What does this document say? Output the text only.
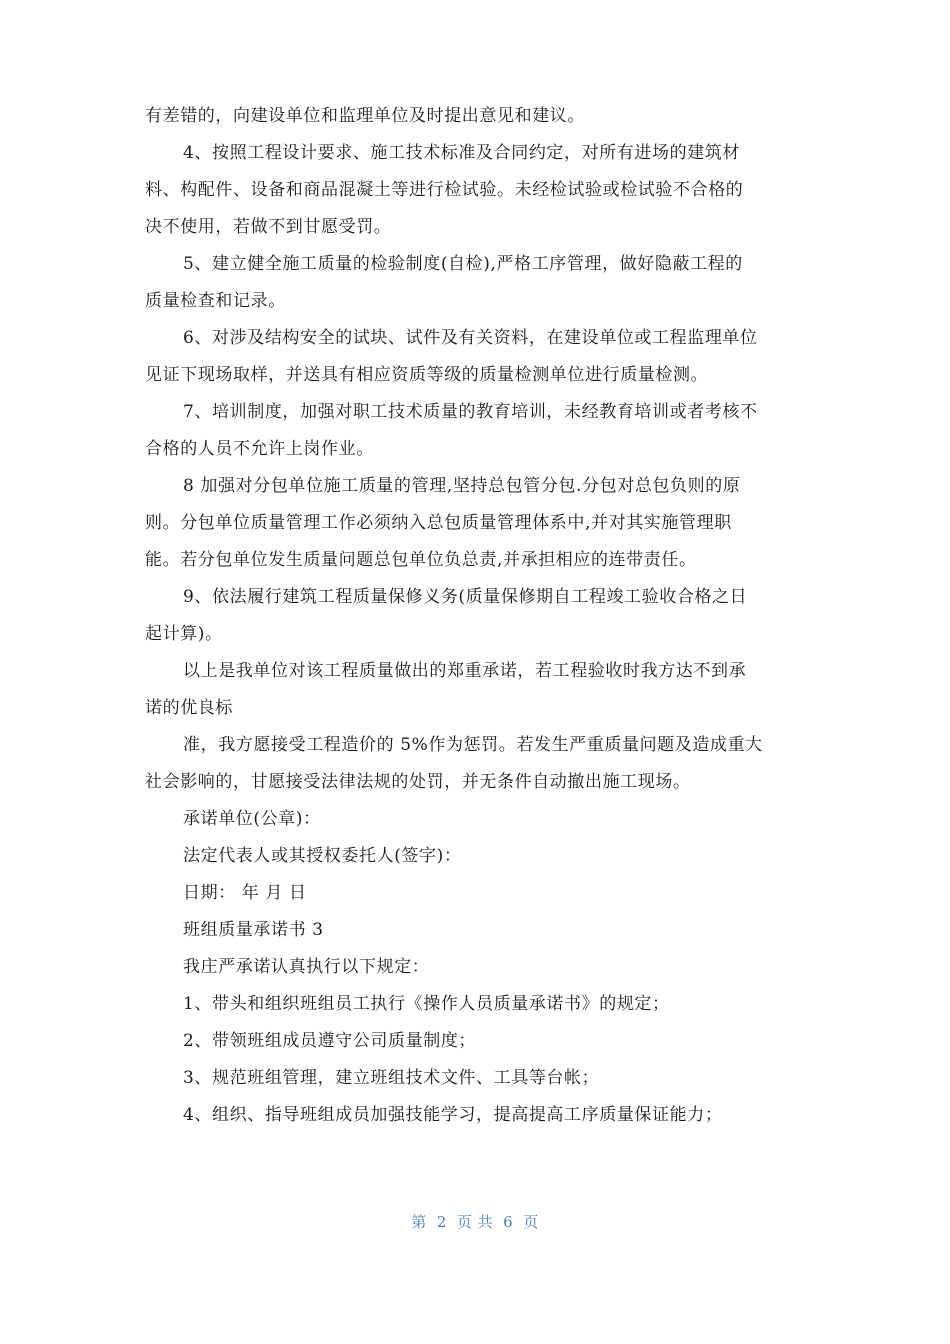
有差错的，向建设单位和监理单位及时提出意见和建议。
4、按照工程设计要求、施工技术标准及合同约定，对所有进场的建筑材
料、构配件、设备和商品混凝土等进行检试验。未经检试验或检试验不合格的
决不使用，若做不到甘愿受罚。
5、建立健全施工质量的检验制度(自检),严格工序管理，做好隐蔽工程的
质量检查和记录。
6、对涉及结构安全的试块、试件及有关资料，在建设单位或工程监理单位
见证下现场取样，并送具有相应资质等级的质量检测单位进行质量检测。
7、培训制度，加强对职工技术质量的教育培训，未经教育培训或者考核不
合格的人员不允许上岗作业。
8 加强对分包单位施工质量的管理,坚持总包管分包.分包对总包负则的原
则。分包单位质量管理工作必须纳入总包质量管理体系中,并对其实施管理职
能。若分包单位发生质量问题总包单位负总责,并承担相应的连带责任。
9、依法履行建筑工程质量保修义务(质量保修期自工程竣工验收合格之日
起计算)。
以上是我单位对该工程质量做出的郑重承诺，若工程验收时我方达不到承
诺的优良标
准，我方愿接受工程造价的 5%作为惩罚。若发生严重质量问题及造成重大
社会影响的，甘愿接受法律法规的处罚，并无条件自动撤出施工现场。
承诺单位(公章)：
法定代表人或其授权委托人(签字)：
日期： 年 月 日
班组质量承诺书 3
我庄严承诺认真执行以下规定：
1、带头和组织班组员工执行《操作人员质量承诺书》的规定；
2、带领班组成员遵守公司质量制度；
3、规范班组管理，建立班组技术文件、工具等台帐；
4、组织、指导班组成员加强技能学习，提高提高工序质量保证能力；
第 2 页 共 6 页
